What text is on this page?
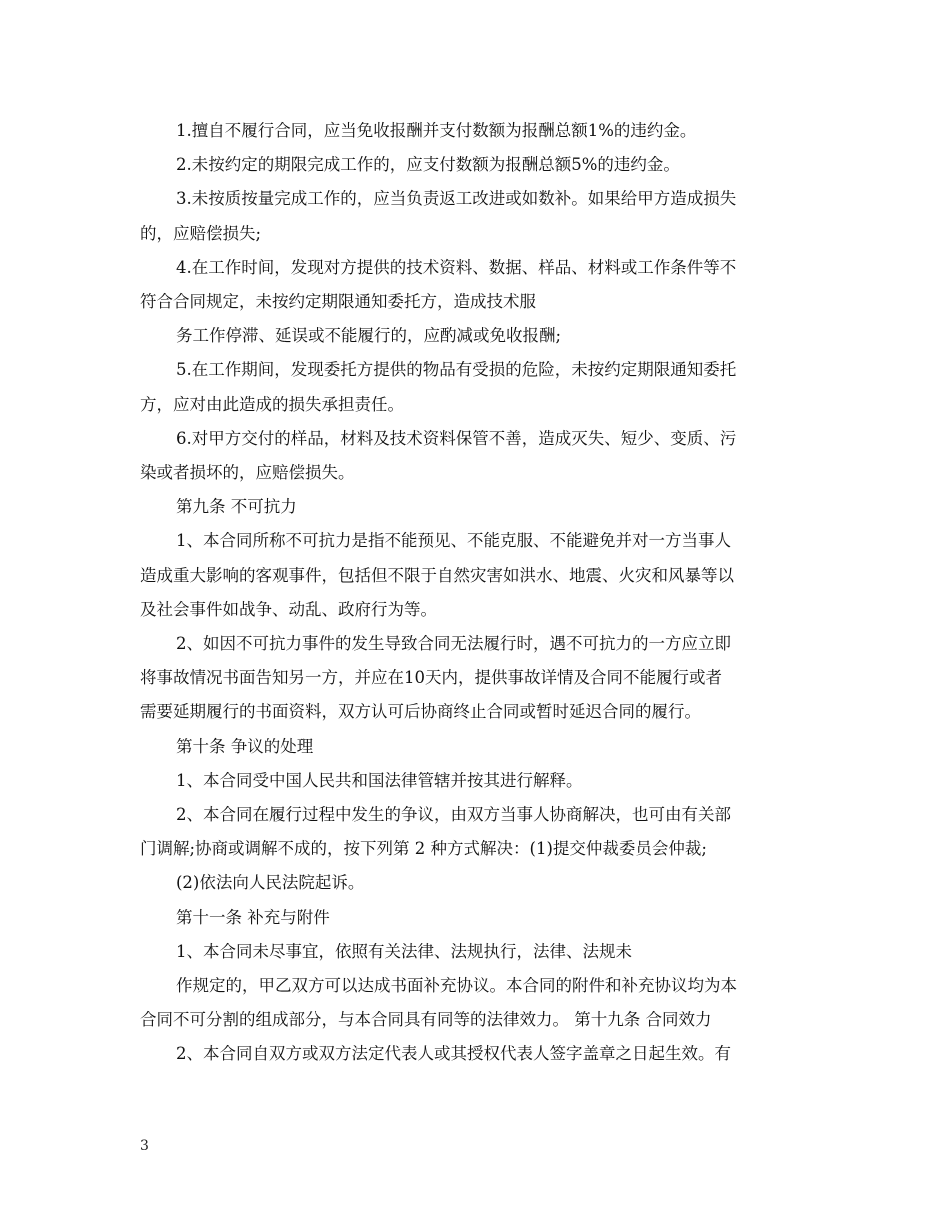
1.擅自不履行合同，应当免收报酬并支付数额为报酬总额1%的违约金。

2.未按约定的期限完成工作的，应支付数额为报酬总额5%的违约金。

3.未按质按量完成工作的，应当负责返工改进或如数补。如果给甲方造成损失

的，应赔偿损失;

4.在工作时间，发现对方提供的技术资料、数据、样品、材料或工作条件等不

符合合同规定，未按约定期限通知委托方，造成技术服

务工作停滞、延误或不能履行的，应酌减或免收报酬;

5.在工作期间，发现委托方提供的物品有受损的危险，未按约定期限通知委托

方，应对由此造成的损失承担责任。

6.对甲方交付的样品，材料及技术资料保管不善，造成灭失、短少、变质、污

染或者损坏的，应赔偿损失。

第九条 不可抗力

1、本合同所称不可抗力是指不能预见、不能克服、不能避免并对一方当事人

造成重大影响的客观事件，包括但不限于自然灾害如洪水、地震、火灾和风暴等以

及社会事件如战争、动乱、政府行为等。

2、如因不可抗力事件的发生导致合同无法履行时，遇不可抗力的一方应立即

将事故情况书面告知另一方，并应在10天内，提供事故详情及合同不能履行或者

需要延期履行的书面资料，双方认可后协商终止合同或暂时延迟合同的履行。

第十条 争议的处理

1、本合同受中国人民共和国法律管辖并按其进行解释。

2、本合同在履行过程中发生的争议，由双方当事人协商解决，也可由有关部

门调解;协商或调解不成的，按下列第 2 种方式解决：(1)提交仲裁委员会仲裁;

(2)依法向人民法院起诉。

第十一条 补充与附件

1、本合同未尽事宜，依照有关法律、法规执行，法律、法规未

作规定的，甲乙双方可以达成书面补充协议。本合同的附件和补充协议均为本

合同不可分割的组成部分，与本合同具有同等的法律效力。 第十九条 合同效力

2、本合同自双方或双方法定代表人或其授权代表人签字盖章之日起生效。有

3
